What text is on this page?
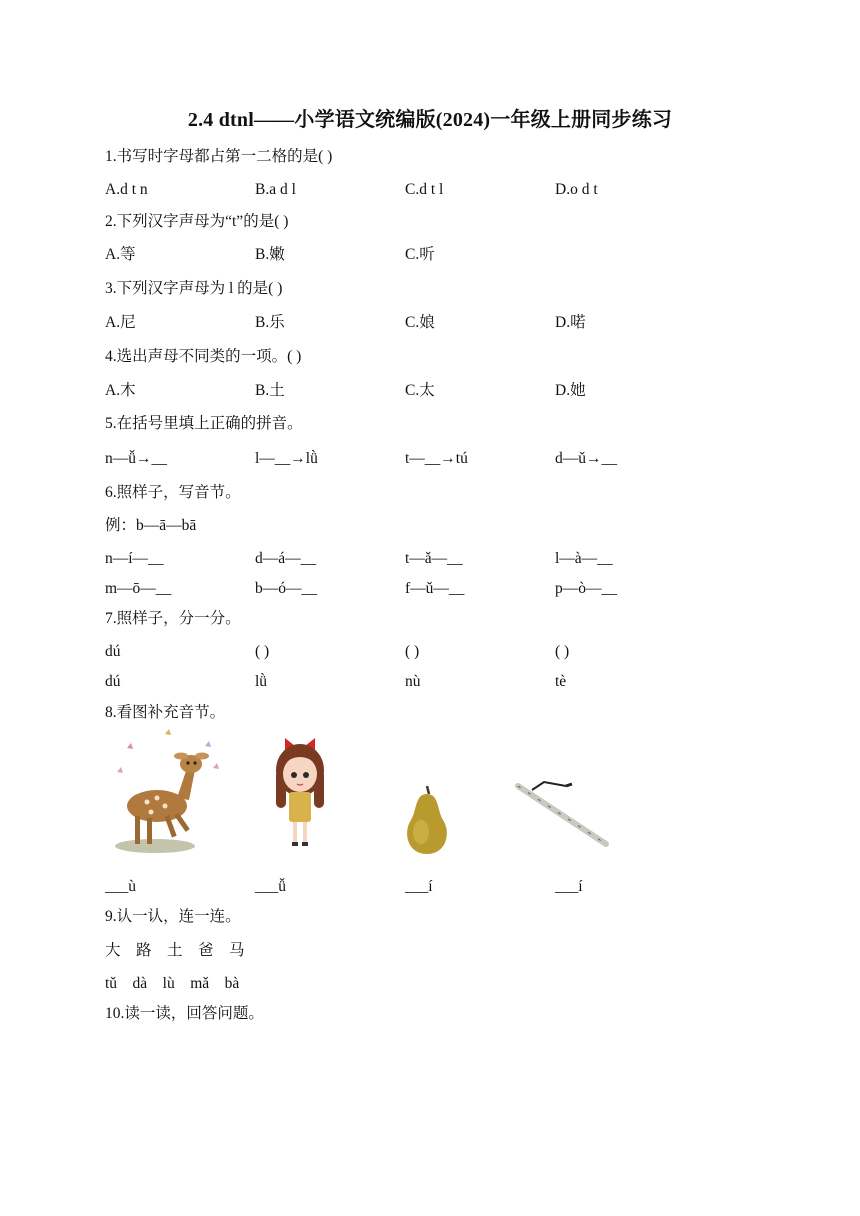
2.4 dtnl——小学语文统编版(2024)一年级上册同步练习
1.书写时字母都占第一二格的是( )
A.d t n	B.a d l	C.d t l	D.o d t
2.下列汉字声母为“t”的是( )
A.等	B.嫩	C.听
3.下列汉字声母为 l 的是( )
A.尼	B.乐	C.娘	D.喏
4.选出声母不同类的一项。( )
A.木	B.土	C.太	D.她
5.在括号里填上正确的拼音。
n—ǚ→__	l—__→lǜ	t—__→tú	d—ǔ→__
6.照样子，写音节。
例：b—ā—bā
n—í—__	d—á—__	t—ǎ—__	l—à—__
m—ō—__	b—ó—__	f—ǔ—__	p—ò—__
7.照样子，分一分。
dú	( )	( )	( )
dú	lǜ	nù	tè
8.看图补充音节。
___ù	___ǚ	___í	___í
9.认一认，连一连。
大    路    土    爸    马
tǔ    dà    lù    mǎ    bà
10.读一读，回答问题。
